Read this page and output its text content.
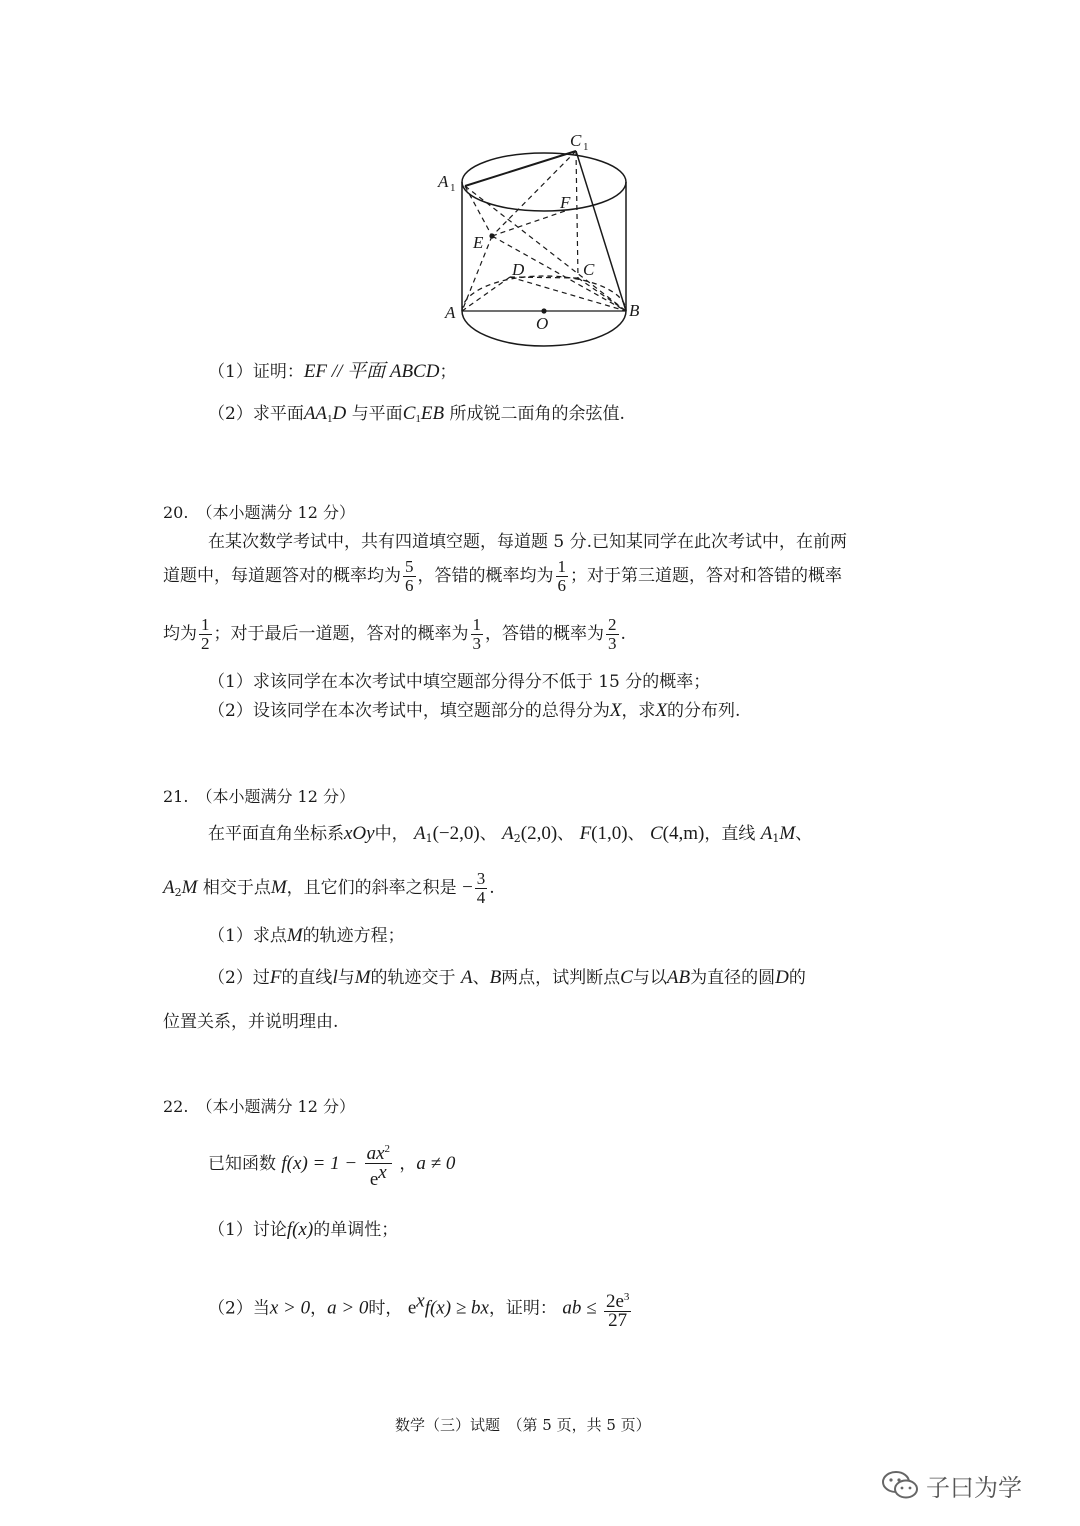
C 1
A 1
F
E
D	C
A
O
B
（1）证明：EF // 平面 ABCD；
（2）求平面$AA_1D$ 与平面$C_1EB$ 所成锐二面角的余弦值.
20.　（本小题满分 12 分）
在某次数学考试中，共有四道填空题，每道题 5 分.已知某同学在此次考试中，在前两
道题中，每道题答对的概率均为 $\frac{5}{6}$ ，答错的概率均为 $\frac{1}{6}$ ；对于第三道题，答对和答错的概率
均为 $\frac{1}{2}$ ；对于最后一道题，答对的概率为 $\frac{1}{3}$ ，答错的概率为 $\frac{2}{3}$ .
（1）求该同学在本次考试中填空题部分得分不低于 15 分的概率；
（2）设该同学在本次考试中，填空题部分的总得分为X，求X的分布列.
21.　（本小题满分 12 分）
在平面直角坐标系xOy中， $A_1(-2,0)$、 $A_2(2,0)$、 F(1,0)、 C(4,m)，直线 $A_1M$、
$A_2M$ 相交于点M，且它们的斜率之积是 − $\frac{3}{4}$ .
（1）求点M的轨迹方程；
（2）过F的直线l与M的轨迹交于 A、B两点，试判断点C与以AB为直径的圆D的
位置关系，并说明理由.
22.　（本小题满分 12 分）
已知函数 $f(x) = 1 - \frac{ax^2}{e^x}$ ，a ≠ 0
（1）讨论f(x)的单调性；
（2）当x > 0，a > 0时， $e^xf(x)$ ≥ bx，证明： ab ≤ $\frac{2e^3}{27}$
数学（三）试题　（第 5 页，共 5 页）
子曰为学
